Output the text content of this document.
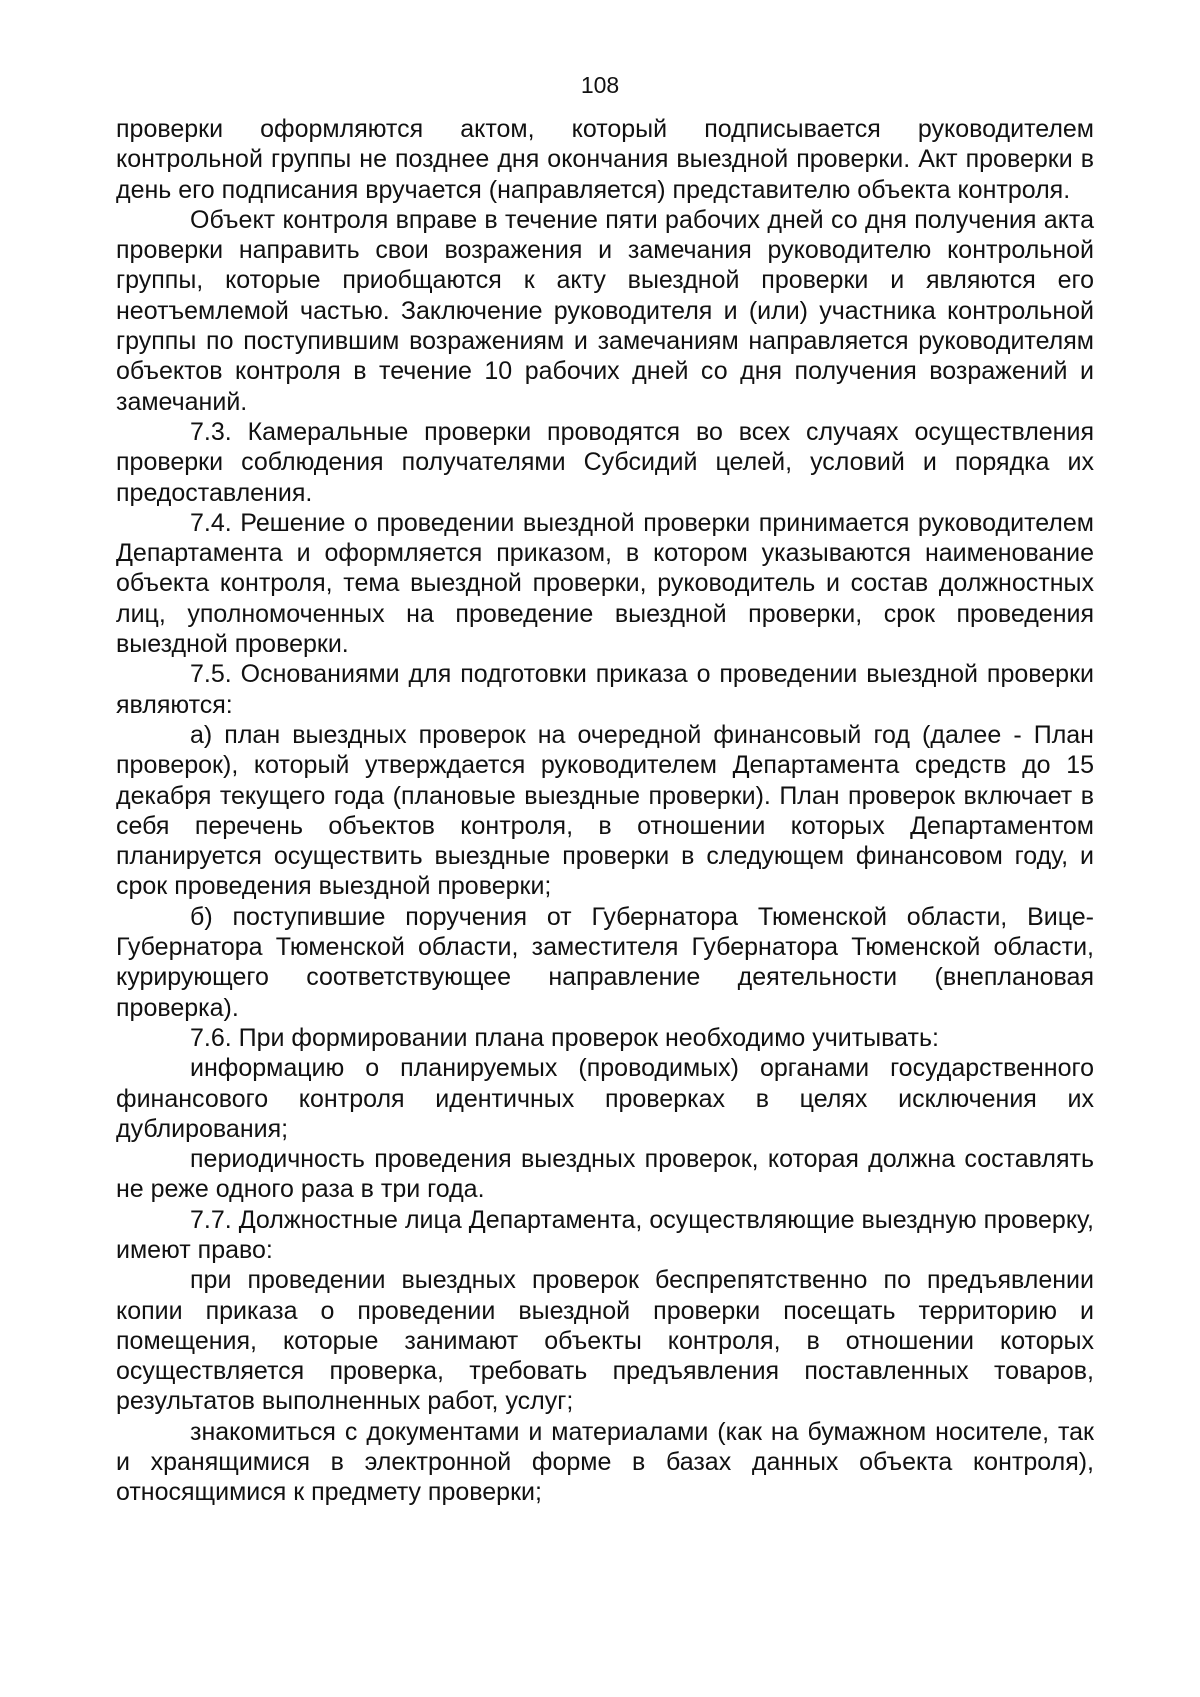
108

проверки оформляются актом, который подписывается руководителем контрольной группы не позднее дня окончания выездной проверки. Акт проверки в день его подписания вручается (направляется) представителю объекта контроля.

Объект контроля вправе в течение пяти рабочих дней со дня получения акта проверки направить свои возражения и замечания руководителю контрольной группы, которые приобщаются к акту выездной проверки и являются его неотъемлемой частью. Заключение руководителя и (или) участника контрольной группы по поступившим возражениям и замечаниям направляется руководителям объектов контроля в течение 10 рабочих дней со дня получения возражений и замечаний.

7.3. Камеральные проверки проводятся во всех случаях осуществления проверки соблюдения получателями Субсидий целей, условий и порядка их предоставления.

7.4. Решение о проведении выездной проверки принимается руководителем Департамента и оформляется приказом, в котором указываются наименование объекта контроля, тема выездной проверки, руководитель и состав должностных лиц, уполномоченных на проведение выездной проверки, срок проведения выездной проверки.

7.5. Основаниями для подготовки приказа о проведении выездной проверки являются:

а) план выездных проверок на очередной финансовый год (далее - План проверок), который утверждается руководителем Департамента средств до 15 декабря текущего года (плановые выездные проверки). План проверок включает в себя перечень объектов контроля, в отношении которых Департаментом планируется осуществить выездные проверки в следующем финансовом году, и срок проведения выездной проверки;

б) поступившие поручения от Губернатора Тюменской области, Вице-Губернатора Тюменской области, заместителя Губернатора Тюменской области, курирующего соответствующее направление деятельности (внеплановая проверка).

7.6. При формировании плана проверок необходимо учитывать:

информацию о планируемых (проводимых) органами государственного финансового контроля идентичных проверках в целях исключения их дублирования;

периодичность проведения выездных проверок, которая должна составлять не реже одного раза в три года.

7.7. Должностные лица Департамента, осуществляющие выездную проверку, имеют право:

при проведении выездных проверок беспрепятственно по предъявлении копии приказа о проведении выездной проверки посещать территорию и помещения, которые занимают объекты контроля, в отношении которых осуществляется проверка, требовать предъявления поставленных товаров, результатов выполненных работ, услуг;

знакомиться с документами и материалами (как на бумажном носителе, так и хранящимися в электронной форме в базах данных объекта контроля), относящимися к предмету проверки;
